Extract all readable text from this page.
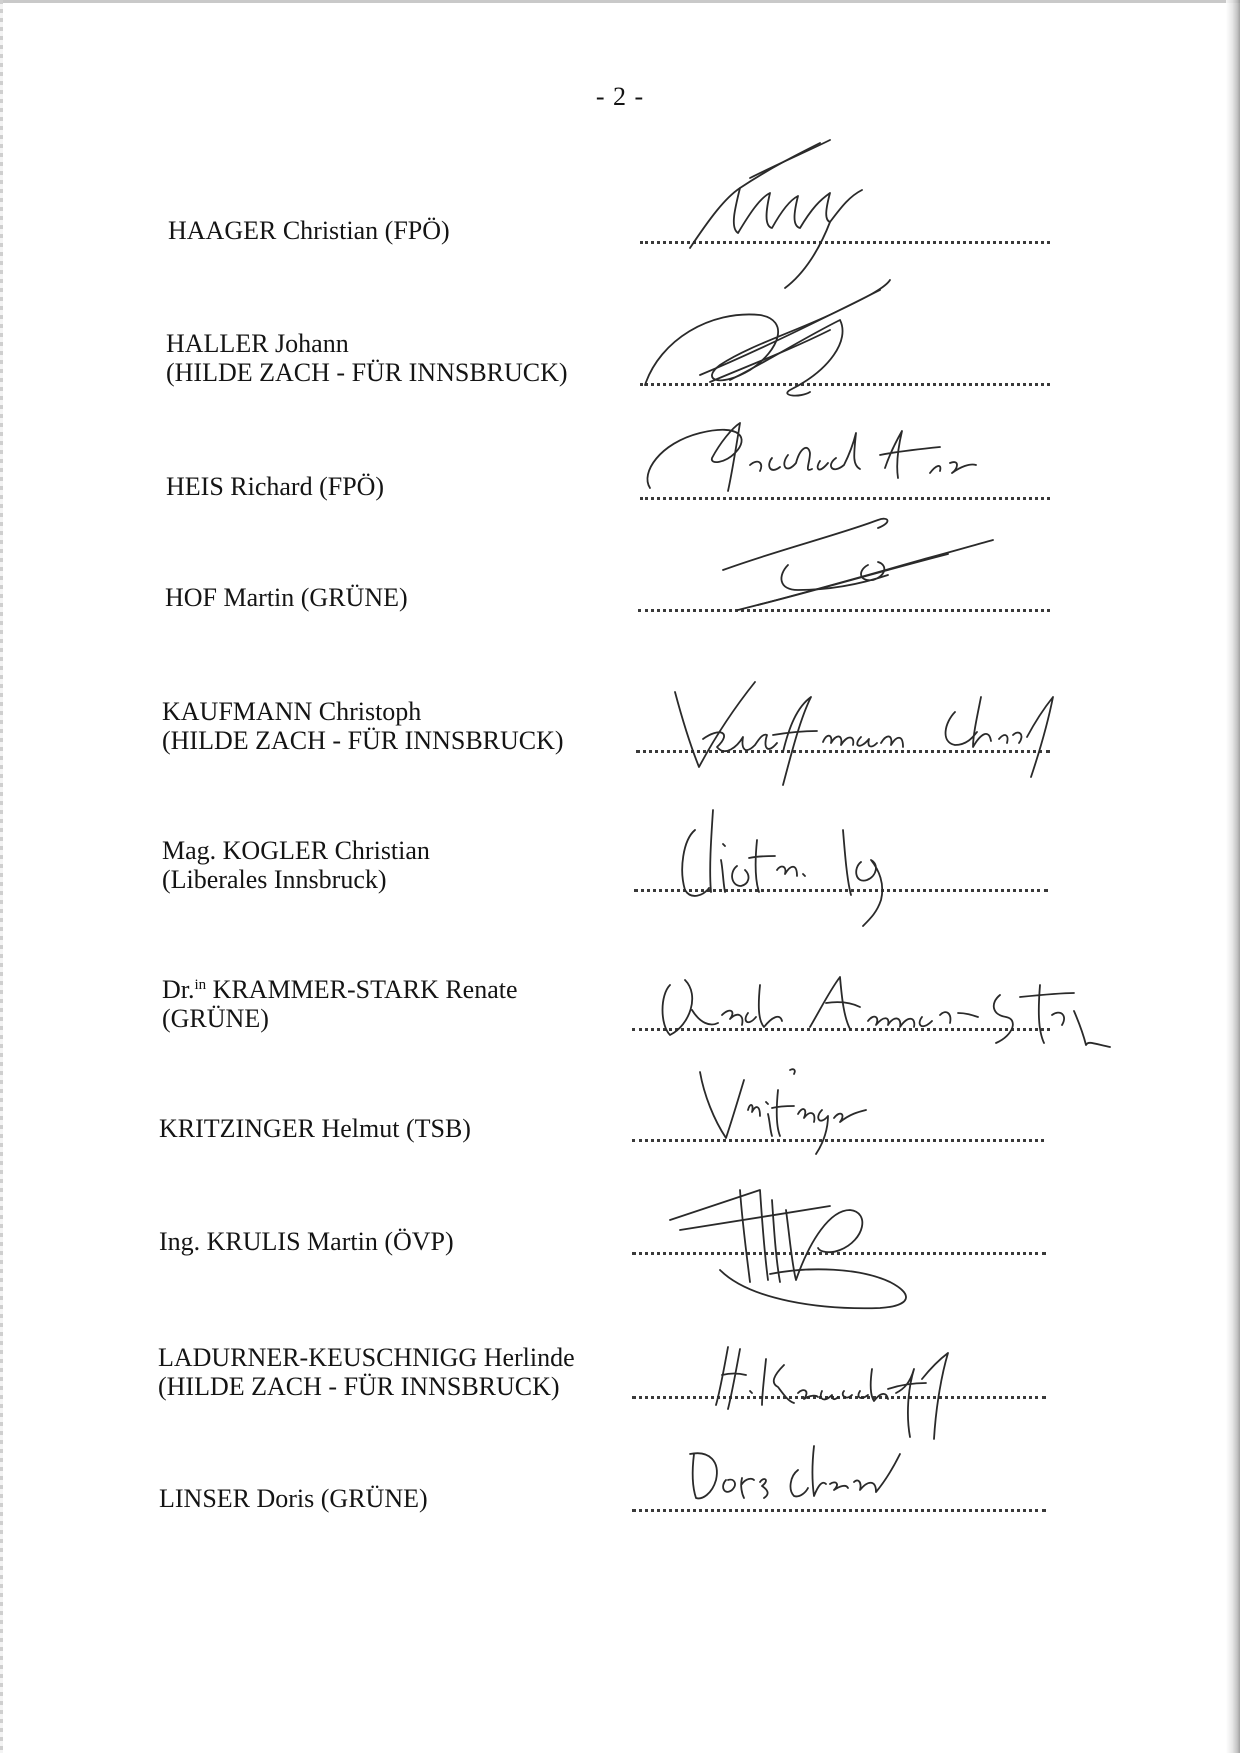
- 2 -
HAAGER Christian (FPÖ)
HALLER Johann
(HILDE ZACH - FÜR INNSBRUCK)
HEIS Richard (FPÖ)
HOF Martin (GRÜNE)
KAUFMANN Christoph
(HILDE ZACH - FÜR INNSBRUCK)
Mag. KOGLER Christian
(Liberales Innsbruck)
Dr.$^{in}$ KRAMMER-STARK Renate
(GRÜNE)
KRITZINGER Helmut (TSB)
Ing. KRULIS Martin (ÖVP)
LADURNER-KEUSCHNIGG Herlinde
(HILDE ZACH - FÜR INNSBRUCK)
LINSER Doris (GRÜNE)
